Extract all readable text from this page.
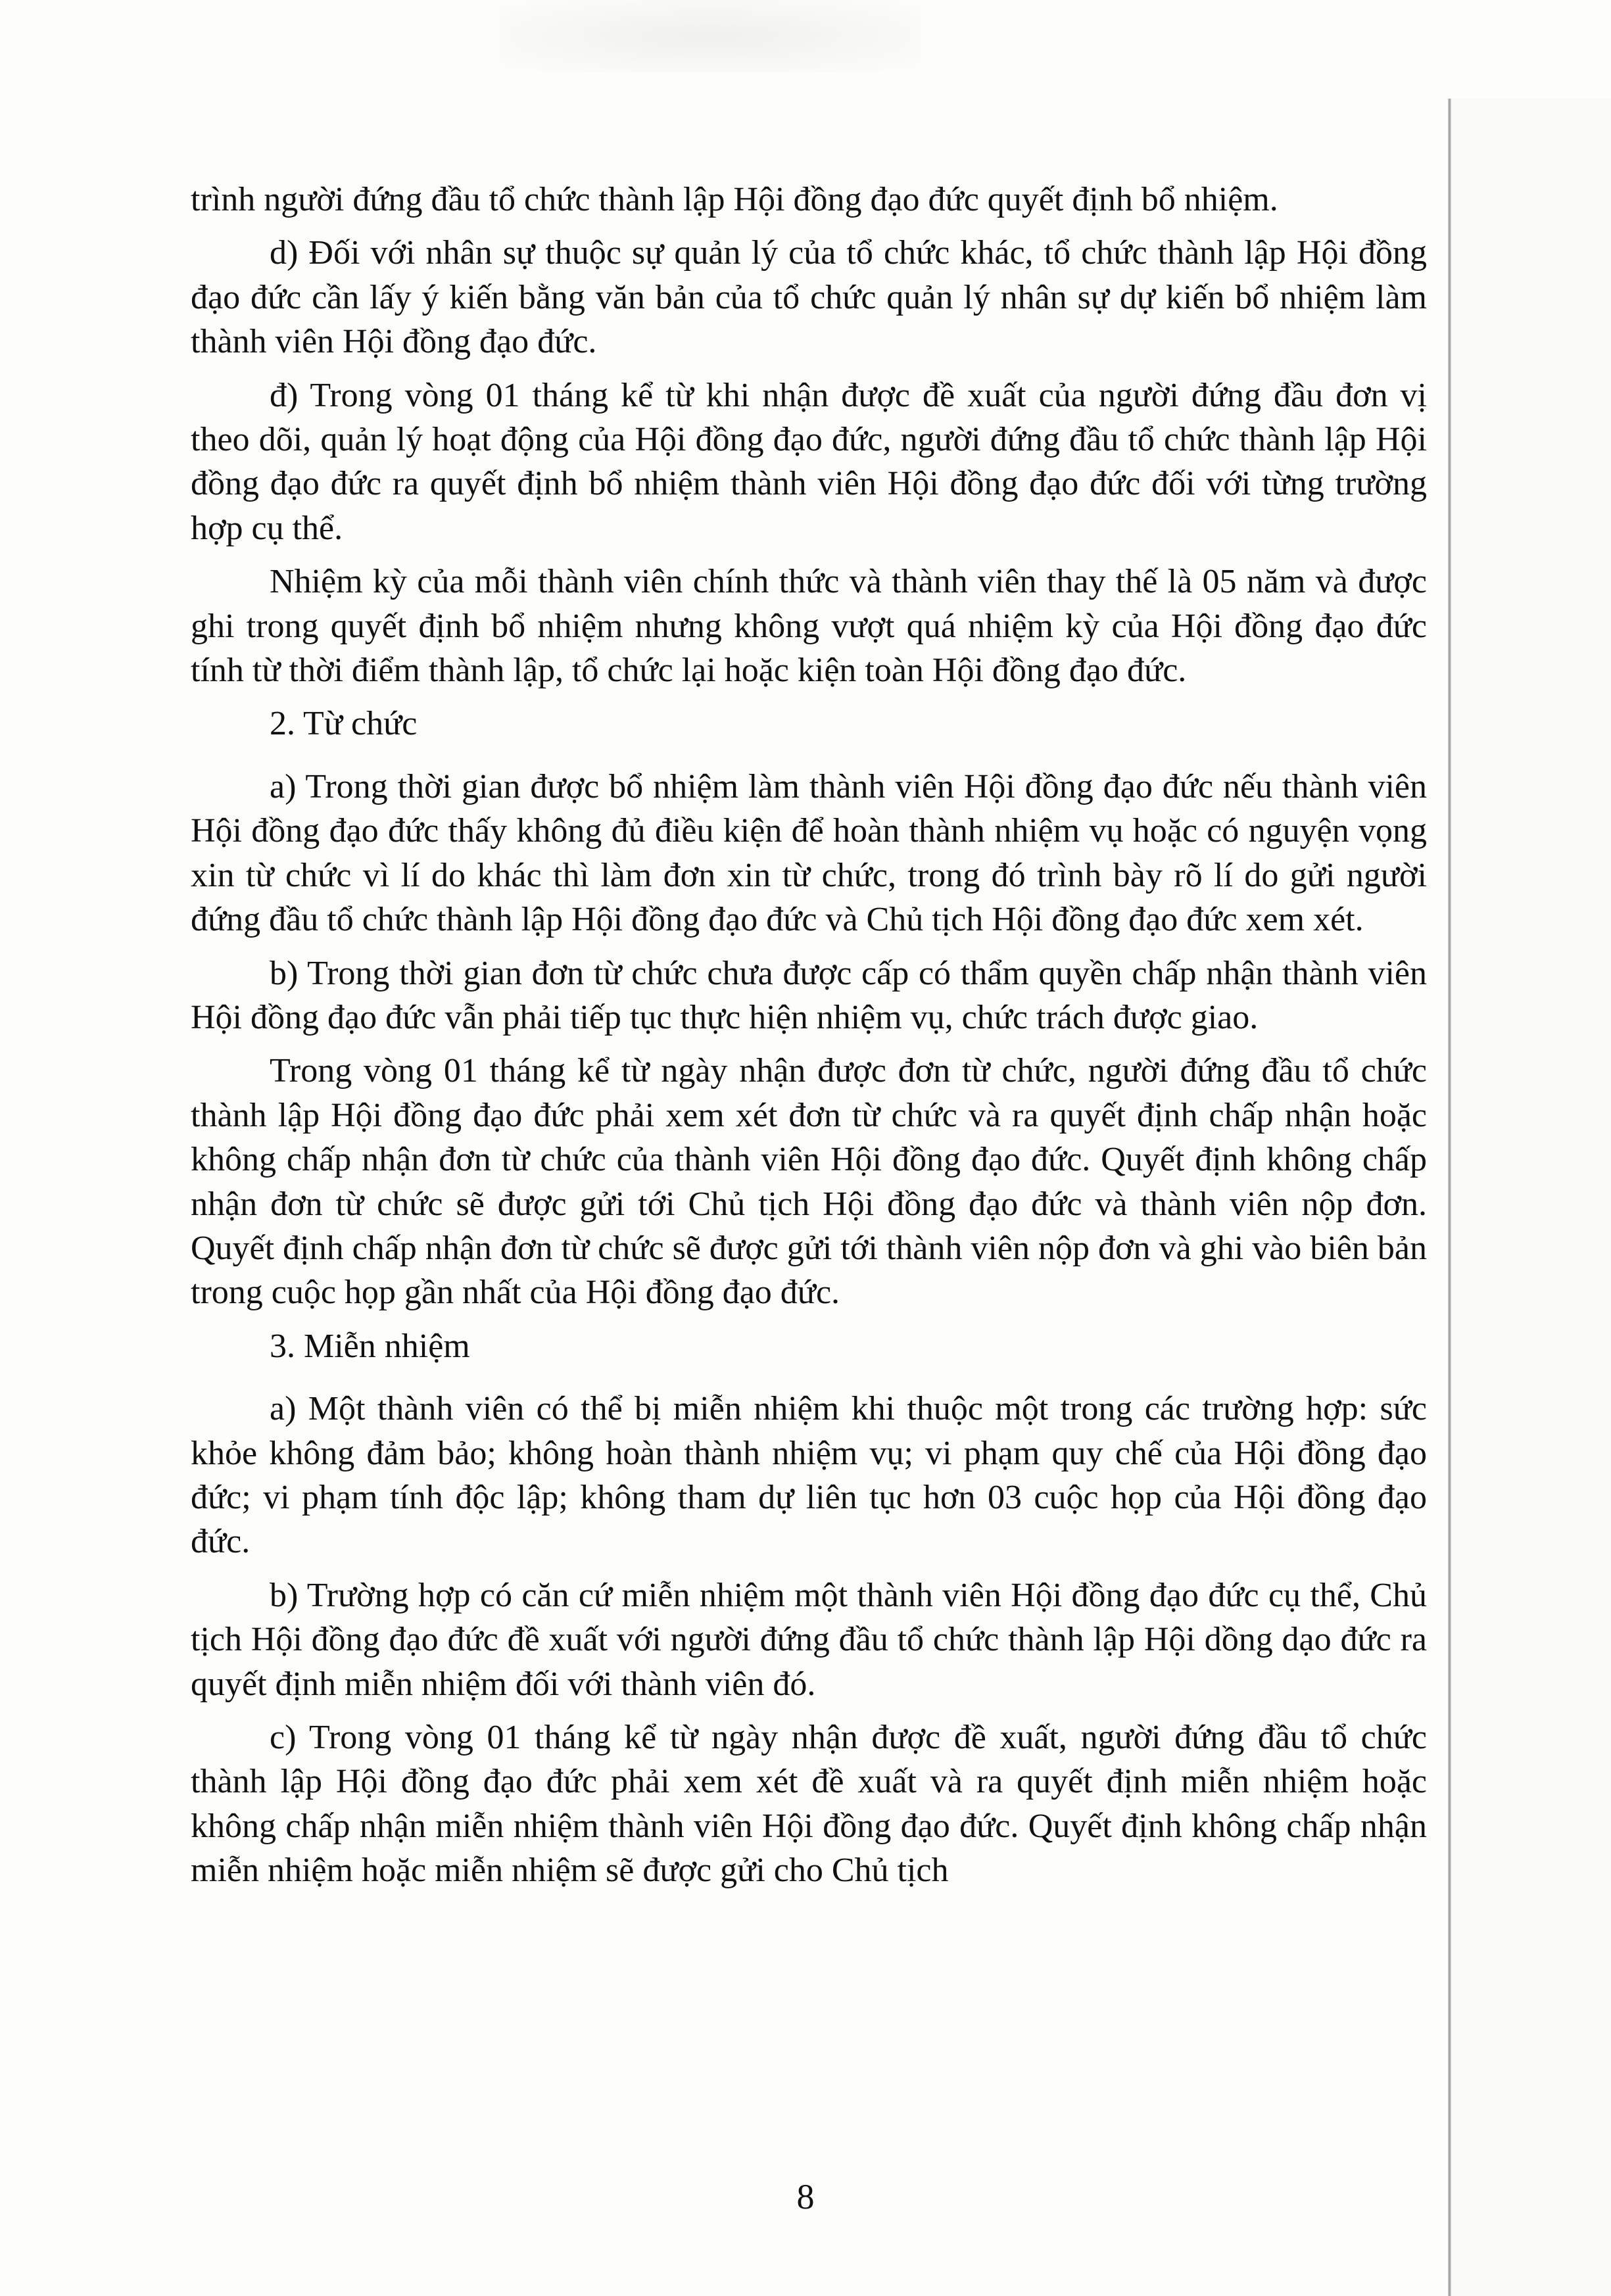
trình người đứng đầu tổ chức thành lập Hội đồng đạo đức quyết định bổ nhiệm.

d) Đối với nhân sự thuộc sự quản lý của tổ chức khác, tổ chức thành lập Hội đồng đạo đức cần lấy ý kiến bằng văn bản của tổ chức quản lý nhân sự dự kiến bổ nhiệm làm thành viên Hội đồng đạo đức.

đ) Trong vòng 01 tháng kể từ khi nhận được đề xuất của người đứng đầu đơn vị theo dõi, quản lý hoạt động của Hội đồng đạo đức, người đứng đầu tổ chức thành lập Hội đồng đạo đức ra quyết định bổ nhiệm thành viên Hội đồng đạo đức đối với từng trường hợp cụ thể.

Nhiệm kỳ của mỗi thành viên chính thức và thành viên thay thế là 05 năm và được ghi trong quyết định bổ nhiệm nhưng không vượt quá nhiệm kỳ của Hội đồng đạo đức tính từ thời điểm thành lập, tổ chức lại hoặc kiện toàn Hội đồng đạo đức.

2. Từ chức

a) Trong thời gian được bổ nhiệm làm thành viên Hội đồng đạo đức nếu thành viên Hội đồng đạo đức thấy không đủ điều kiện để hoàn thành nhiệm vụ hoặc có nguyện vọng xin từ chức vì lí do khác thì làm đơn xin từ chức, trong đó trình bày rõ lí do gửi người đứng đầu tổ chức thành lập Hội đồng đạo đức và Chủ tịch Hội đồng đạo đức xem xét.

b) Trong thời gian đơn từ chức chưa được cấp có thẩm quyền chấp nhận thành viên Hội đồng đạo đức vẫn phải tiếp tục thực hiện nhiệm vụ, chức trách được giao.

Trong vòng 01 tháng kể từ ngày nhận được đơn từ chức, người đứng đầu tổ chức thành lập Hội đồng đạo đức phải xem xét đơn từ chức và ra quyết định chấp nhận hoặc không chấp nhận đơn từ chức của thành viên Hội đồng đạo đức. Quyết định không chấp nhận đơn từ chức sẽ được gửi tới Chủ tịch Hội đồng đạo đức và thành viên nộp đơn. Quyết định chấp nhận đơn từ chức sẽ được gửi tới thành viên nộp đơn và ghi vào biên bản trong cuộc họp gần nhất của Hội đồng đạo đức.

3. Miễn nhiệm

a) Một thành viên có thể bị miễn nhiệm khi thuộc một trong các trường hợp: sức khỏe không đảm bảo; không hoàn thành nhiệm vụ; vi phạm quy chế của Hội đồng đạo đức; vi phạm tính độc lập; không tham dự liên tục hơn 03 cuộc họp của Hội đồng đạo đức.

b) Trường hợp có căn cứ miễn nhiệm một thành viên Hội đồng đạo đức cụ thể, Chủ tịch Hội đồng đạo đức đề xuất với người đứng đầu tổ chức thành lập Hội dồng dạo đức ra quyết định miễn nhiệm đối với thành viên đó.

c) Trong vòng 01 tháng kể từ ngày nhận được đề xuất, người đứng đầu tổ chức thành lập Hội đồng đạo đức phải xem xét đề xuất và ra quyết định miễn nhiệm hoặc không chấp nhận miễn nhiệm thành viên Hội đồng đạo đức. Quyết định không chấp nhận miễn nhiệm hoặc miễn nhiệm sẽ được gửi cho Chủ tịch

8
